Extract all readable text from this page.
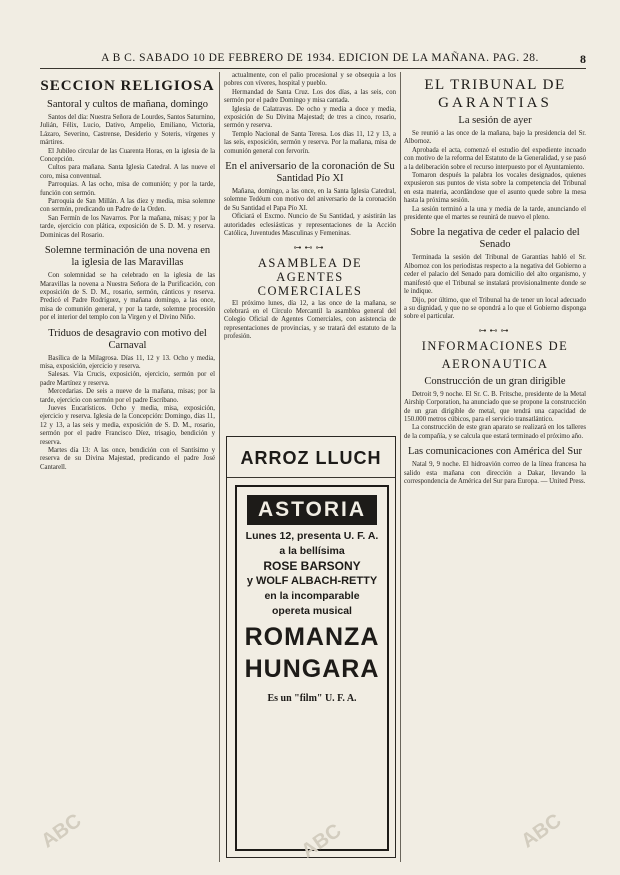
A B C. SABADO 10 DE FEBRERO DE 1934. EDICION DE LA MAÑANA. PAG. 28.	8
SECCION RELIGIOSA
Santoral y cultos de mañana, domingo

Santos del día: Nuestra Señora de Lourdes, Santos Saturnino, Julián, Félix, Lucio, Dativo, Ampelio, Emiliano, Victoria, Lázaro, Severino, Castrense, Desiderio y Soteris, vírgenes y mártires.

El Jubileo circular de las Cuarenta Horas, en la iglesia de la Concepción.

Cultos para mañana. Santa Iglesia Catedral. A las nueve el coro, misa conventual.

Parroquias. A las ocho, misa de comunión; y por la tarde, función con sermón.

Parroquia de San Millán. A las diez y media, misa solemne con sermón, predicando un Padre de la Orden.

San Fermín de los Navarros. Por la mañana, misas; y por la tarde, ejercicio con plática, exposición de S. D. M. y reserva. Dominicas del Rosario.

Solemne terminación de una novena en la iglesia de las Maravillas

Con solemnidad se ha celebrado en la iglesia de las Maravillas la novena a Nuestra Señora de la Purificación, con exposición de S. D. M., rosario, sermón, cánticos y reserva. Predicó el Padre Rodríguez, y mañana domingo, a las once, misa de comunión general, y por la tarde, solemne procesión por el interior del templo con la Virgen y el Divino Niño.

Triduos de desagravio con motivo del Carnaval

Basílica de la Milagrosa. Días 11, 12 y 13. Ocho y media, misa, exposición, ejercicio y reserva.

Salesas. Vía Crucis, exposición, ejercicio, sermón por el padre Martínez y reserva.

Mercedarias. De seis a nueve de la mañana, misas; por la tarde, ejercicio con sermón por el padre Escribano.

Jueves Eucarísticos. Ocho y media, misa, exposición, ejercicio y reserva. Iglesia de la Concepción: Domingo, días 11, 12 y 13, a las seis y media, exposición de S. D. M., rosario, sermón por el padre Francisco Díez, trisagio, bendición y reserva.

Martes día 13: A las once, bendición con el Santísimo y reserva de su Divina Majestad, predicando el padre José Cantarell.

actualmente, con el palio procesional y se obsequia a los pobres con víveres, hospital y pueblo.

Hermandad de Santa Cruz. Los dos días, a las seis, con sermón por el padre Domingo y misa cantada.

Iglesia de Calatravas. De ocho y media a doce y media, exposición de Su Divina Majestad; de tres a cinco, rosario, sermón y reserva.

Templo Nacional de Santa Teresa. Los días 11, 12 y 13, a las seis, exposición, sermón y reserva. Por la mañana, misa de comunión general con fervorín.

En el aniversario de la coronación de Su Santidad Pío XI

Mañana, domingo, a las once, en la Santa Iglesia Catedral, solemne Tedéum con motivo del aniversario de la coronación de Su Santidad el Papa Pío XI.

Oficiará el Excmo. Nuncio de Su Santidad, y asistirán las autoridades eclesiásticas y representaciones de la Acción Católica, Juventudes Masculinas y Femeninas.

⊶⊷⊶
ASAMBLEA DE AGENTES COMERCIALES

El próximo lunes, día 12, a las once de la mañana, se celebrará en el Círculo Mercantil la asamblea general del Colegio Oficial de Agentes Comerciales, con asistencia de representaciones de provincias, y se tratará del estatuto de la profesión.

ARROZ LLUCH
ASTORIA
Lunes 12, presenta U. F. A.
a la bellísima
ROSE BARSONY
y WOLF ALBACH-RETTY
en la incomparable opereta musical
ROMANZA
HUNGARA
Es un "film" U. F. A.
EL TRIBUNAL DE
GARANTIAS
La sesión de ayer

Se reunió a las once de la mañana, bajo la presidencia del Sr. Albornoz.

Aprobada el acta, comenzó el estudio del expediente incoado con motivo de la reforma del Estatuto de la Generalidad, y se pasó a la deliberación sobre el recurso interpuesto por el Ayuntamiento.

Tomaron después la palabra los vocales designados, quienes expusieron sus puntos de vista sobre la competencia del Tribunal en esta materia, acordándose que el asunto quede sobre la mesa hasta la próxima sesión.

La sesión terminó a la una y media de la tarde, anunciando el presidente que el martes se reunirá de nuevo el pleno.

Sobre la negativa de ceder el palacio del Senado

Terminada la sesión del Tribunal de Garantías habló el Sr. Albornoz con los periodistas respecto a la negativa del Gobierno a ceder el palacio del Senado para domicilio del alto organismo, y manifestó que el Tribunal se instalará provisionalmente donde se le indique.

Dijo, por último, que el Tribunal ha de tener un local adecuado a su dignidad, y que no se opondrá a lo que el Gobierno disponga sobre el particular.

⊶⊷⊶
INFORMACIONES DE
AERONAUTICA
Construcción de un gran dirigible

Detroit 9, 9 noche. El Sr. C. B. Fritsche, presidente de la Metal Airship Corporation, ha anunciado que se propone la construcción de un gran dirigible de metal, que tendrá una capacidad de 150.000 metros cúbicos, para el servicio transatlántico.

La construcción de este gran aparato se realizará en los talleres de la compañía, y se calcula que estará terminado el próximo año.

Las comunicaciones con América del Sur

Natal 9, 9 noche. El hidroavión correo de la línea francesa ha salido esta mañana con dirección a Dakar, llevando la correspondencia de América del Sur para Europa. — United Press.

ABC	ABC	ABC
